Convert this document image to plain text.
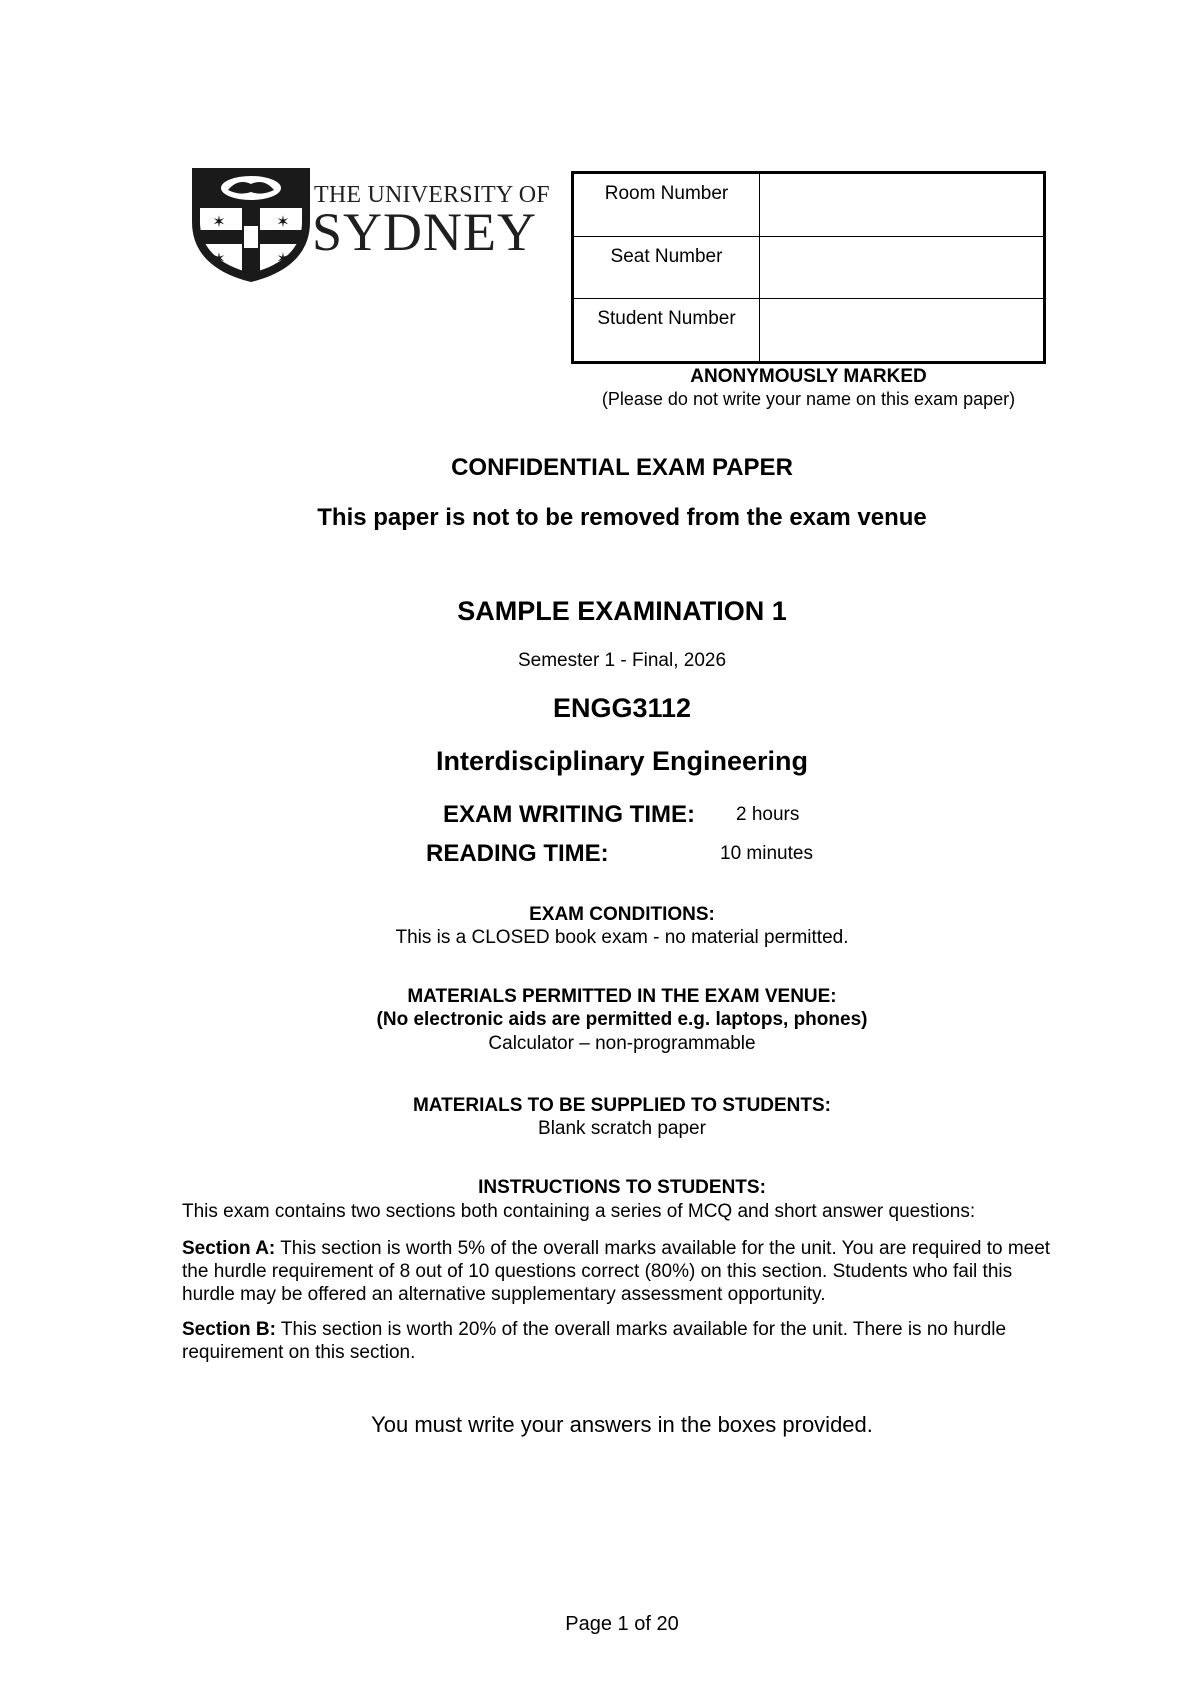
✶	✶
✶	✶
THE UNIVERSITY OF
SYDNEY
Room Number	
Seat Number	
Student Number	
ANONYMOUSLY MARKED
(Please do not write your name on this exam paper)
CONFIDENTIAL EXAM PAPER
This paper is not to be removed from the exam venue
SAMPLE EXAMINATION 1
Semester 1 - Final, 2026
ENGG3112
Interdisciplinary Engineering
EXAM WRITING TIME: 2 hours
READING TIME:	10 minutes
EXAM CONDITIONS:
This is a CLOSED book exam - no material permitted.
MATERIALS PERMITTED IN THE EXAM VENUE:
(No electronic aids are permitted e.g. laptops, phones)
Calculator – non-programmable
MATERIALS TO BE SUPPLIED TO STUDENTS:
Blank scratch paper
INSTRUCTIONS TO STUDENTS:
This exam contains two sections both containing a series of MCQ and short answer questions:
Section A: This section is worth 5% of the overall marks available for the unit. You are required to meet the hurdle requirement of 8 out of 10 questions correct (80%) on this section. Students who fail this hurdle may be offered an alternative supplementary assessment opportunity.
Section B: This section is worth 20% of the overall marks available for the unit. There is no hurdle requirement on this section.
You must write your answers in the boxes provided.
Page 1 of 20
